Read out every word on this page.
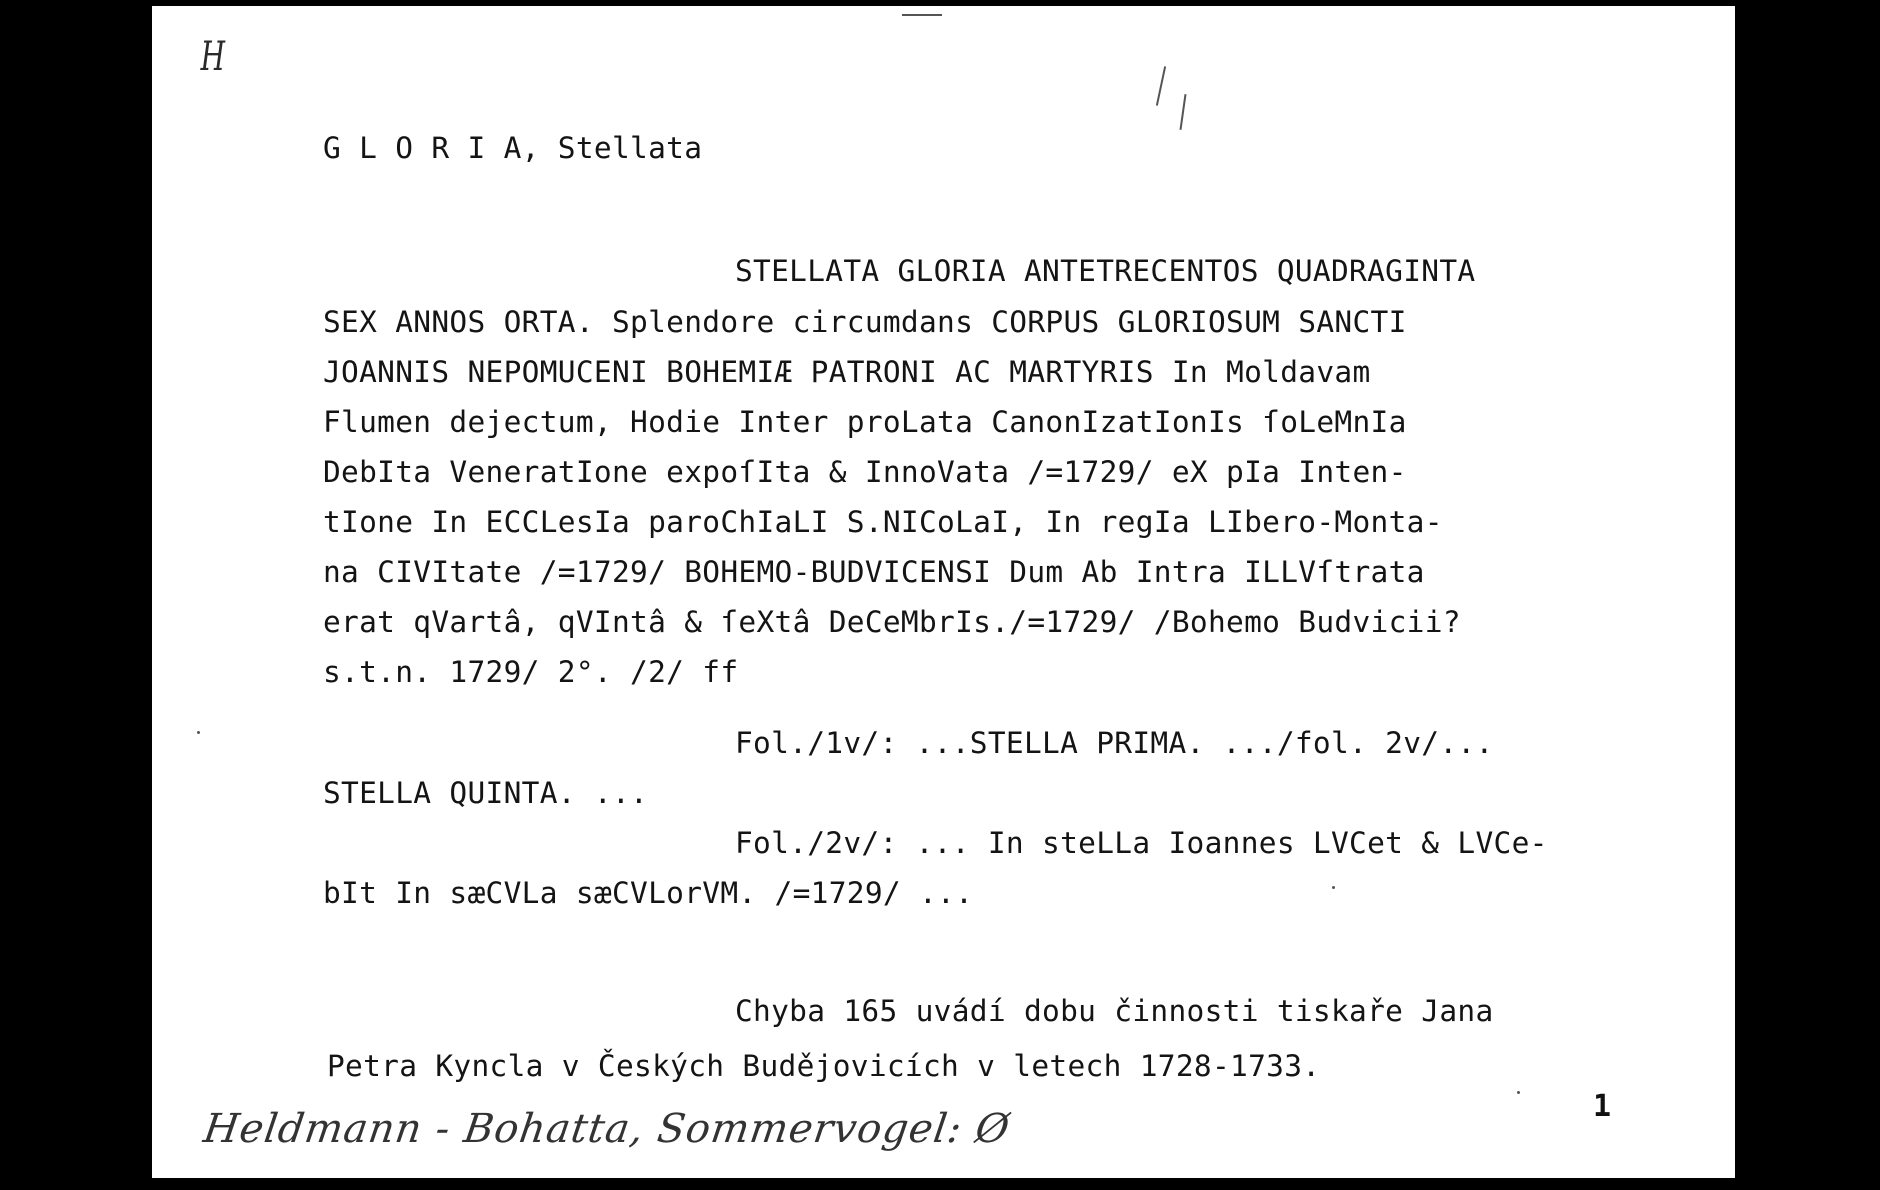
H
G L O R I A, Stellata
STELLATA GLORIA ANTETRECENTOS QUADRAGINTA
SEX ANNOS ORTA. Splendore circumdans CORPUS GLORIOSUM SANCTI
JOANNIS NEPOMUCENI BOHEMIÆ PATRONI AC MARTYRIS In Moldavam
Flumen dejectum, Hodie Inter proLata CanonIzatIonIs ſoLeMnIa
DebIta VeneratIone expoſIta & InnoVata /=1729/ eX pIa Inten-
tIone In ECCLesIa paroChIaLI S.NICoLaI, In regIa LIbero-Monta-
na CIVItate /=1729/ BOHEMO-BUDVICENSI Dum Ab Intra ILLVſtrata
erat qVartâ, qVIntâ & ſeXtâ DeCeMbrIs./=1729/ /Bohemo Budvicii?
s.t.n. 1729/ 2°. /2/ ff
Fol./1v/: ...STELLA PRIMA. .../fol. 2v/...
STELLA QUINTA. ...
Fol./2v/: ... In steLLa Ioannes LVCet & LVCe-
bIt In sæCVLa sæCVLorVM. /=1729/ ...
Chyba 165 uvádí dobu činnosti tiskaře Jana
Petra Kyncla v Českých Budějovicích v letech 1728-1733.
Heldmann - Bohatta, Sommervogel: Ø	1
